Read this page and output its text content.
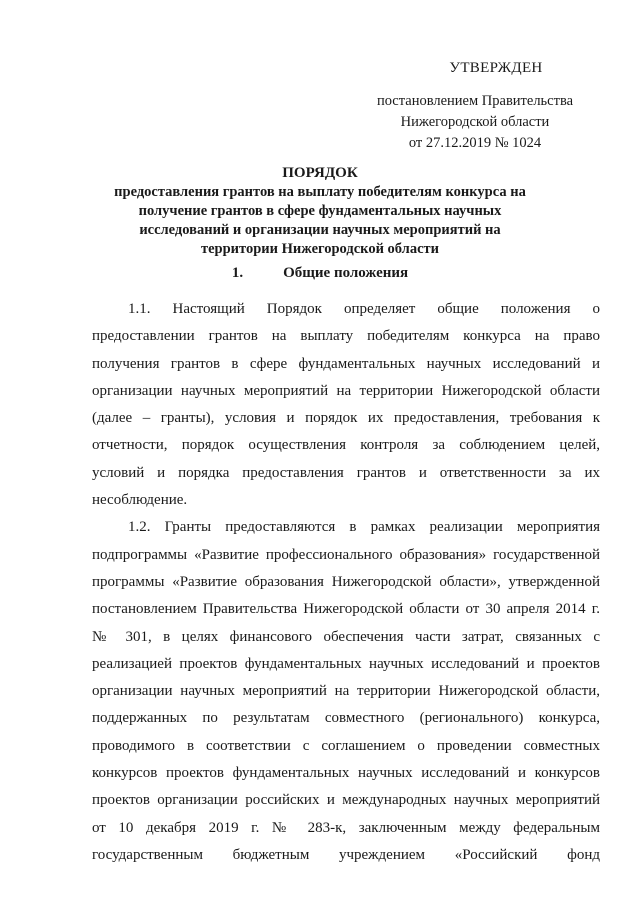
УТВЕРЖДЕН
постановлением Правительства
Нижегородской области
от 27.12.2019 № 1024
ПОРЯДОК
предоставления грантов на выплату победителям конкурса на
получение грантов в сфере фундаментальных научных
исследований и организации научных мероприятий на
территории Нижегородской области
1.	Общие положения
1.1. Настоящий Порядок определяет общие положения о
предоставлении грантов на выплату победителям конкурса на право
получения грантов в сфере фундаментальных научных исследований и
организации научных мероприятий на территории Нижегородской области
(далее – гранты), условия и порядок их предоставления, требования к
отчетности, порядок осуществления контроля за соблюдением целей,
условий и порядка предоставления грантов и ответственности за их
несоблюдение.
1.2. Гранты предоставляются в рамках реализации мероприятия
подпрограммы «Развитие профессионального образования» государственной
программы «Развитие образования Нижегородской области», утвержденной
постановлением Правительства Нижегородской области от 30 апреля 2014 г.
№ 301, в целях финансового обеспечения части затрат, связанных с
реализацией проектов фундаментальных научных исследований и проектов
организации научных мероприятий на территории Нижегородской области,
поддержанных по результатам совместного (регионального) конкурса,
проводимого в соответствии с соглашением о проведении совместных
конкурсов проектов фундаментальных научных исследований и конкурсов
проектов организации российских и международных научных мероприятий
от 10 декабря 2019 г. № 283-к, заключенным между федеральным
государственным бюджетным учреждением «Российский фонд
